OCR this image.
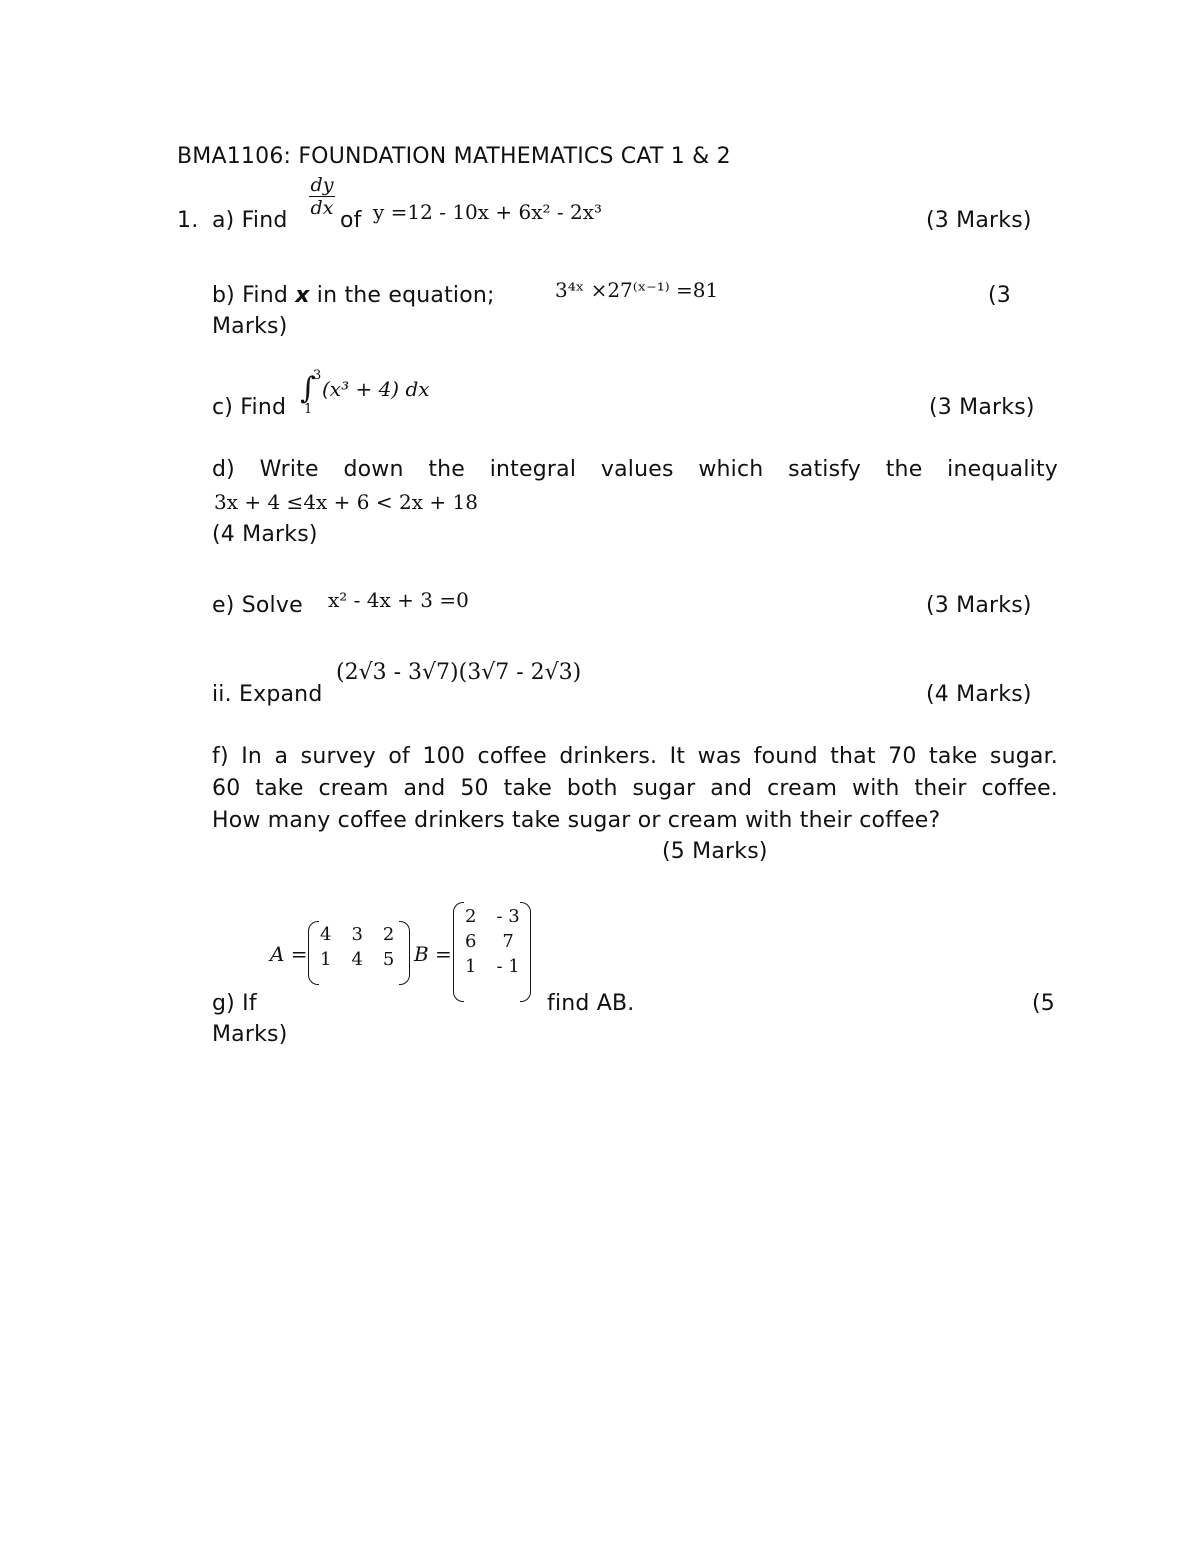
BMA1106: FOUNDATION MATHEMATICS CAT 1 & 2
1. a) Find
$\frac{dy}{dx}$
of y =12 - 10x + 6x² - 2x³	(3 Marks)
b) Find x in the equation;	3⁴ˣ ×27⁽ˣ⁻¹⁾ =81	(3
Marks)
c) Find
∫
3
1
(x³ + 4) dx
(3 Marks)
d) Write down the integral values which satisfy the inequality
3x + 4 ≤4x + 6 < 2x + 18
(4 Marks)
e) Solve x² - 4x + 3 =0	(3 Marks)
ii. Expand
(2√3 - 3√7)(3√7 - 2√3)
(4 Marks)
f) In a survey of 100 coffee drinkers. It was found that 70 take sugar.
60 take cream and 50 take both sugar and cream with their coffee.
How many coffee drinkers take sugar or cream with their coffee?
(5 Marks)
A =
4	3	2
1	4	5 B =
2	- 3
6	7
1	- 1
g) If	find AB.	(5
Marks)
